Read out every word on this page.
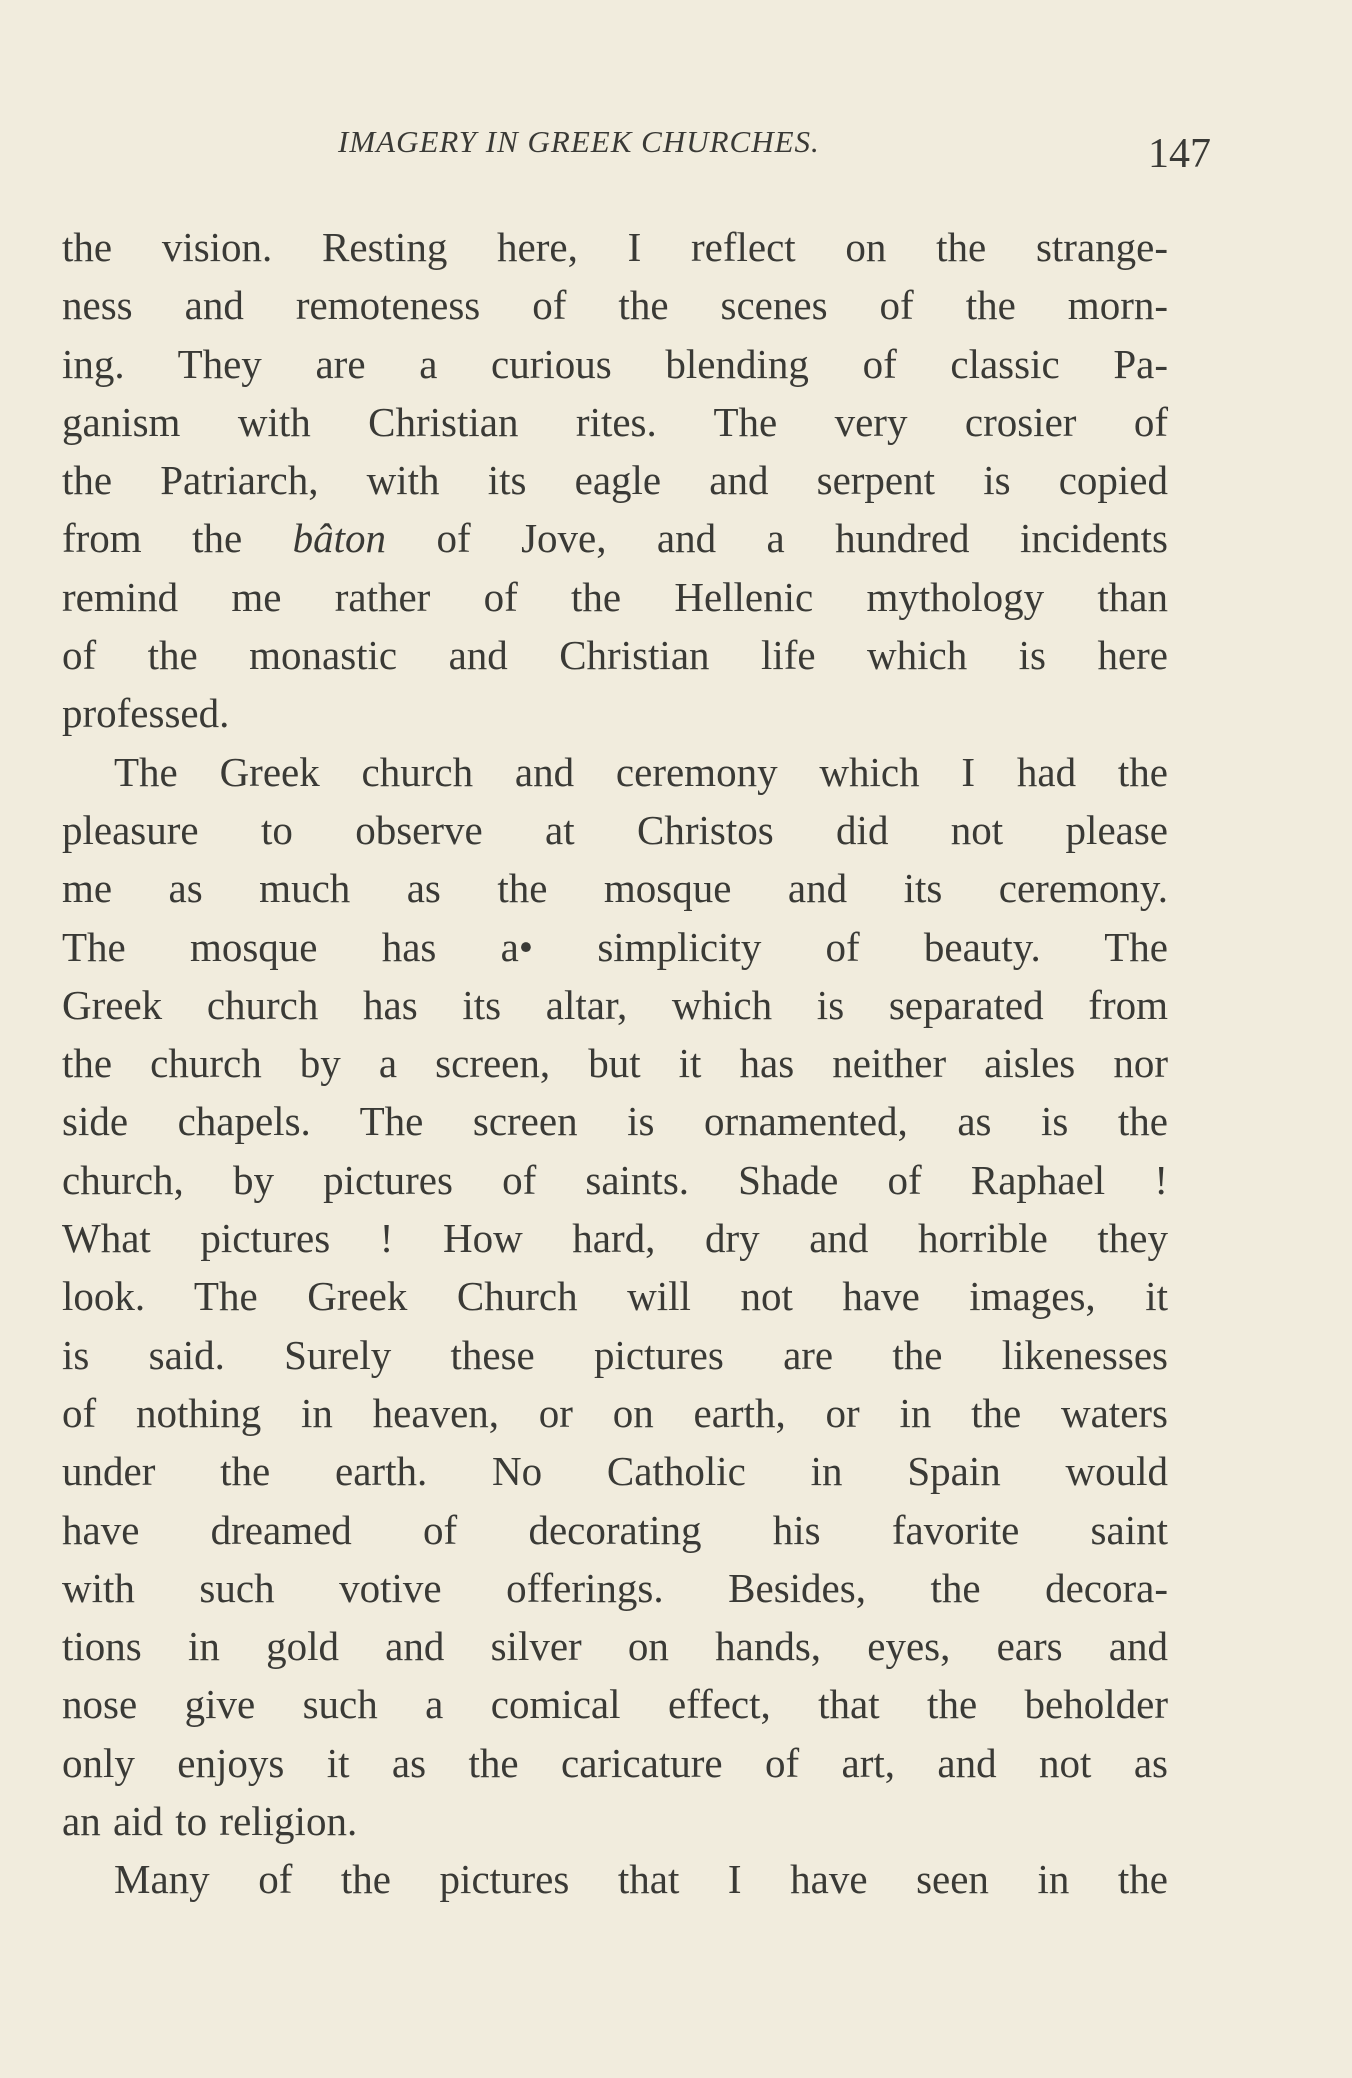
IMAGERY IN GREEK CHURCHES.	147
the vision. Resting here, I reflect on the strange-
ness and remoteness of the scenes of the morn-
ing. They are a curious blending of classic Pa-
ganism with Christian rites. The very crosier of
the Patriarch, with its eagle and serpent is copied
from the bâton of Jove, and a hundred incidents
remind me rather of the Hellenic mythology than
of the monastic and Christian life which is here
professed.
The Greek church and ceremony which I had the
pleasure to observe at Christos did not please
me as much as the mosque and its ceremony.
The mosque has a• simplicity of beauty. The
Greek church has its altar, which is separated from
the church by a screen, but it has neither aisles nor
side chapels. The screen is ornamented, as is the
church, by pictures of saints. Shade of Raphael !
What pictures ! How hard, dry and horrible they
look. The Greek Church will not have images, it
is said. Surely these pictures are the likenesses
of nothing in heaven, or on earth, or in the waters
under the earth. No Catholic in Spain would
have dreamed of decorating his favorite saint
with such votive offerings. Besides, the decora-
tions in gold and silver on hands, eyes, ears and
nose give such a comical effect, that the beholder
only enjoys it as the caricature of art, and not as
an aid to religion.
Many of the pictures that I have seen in the
